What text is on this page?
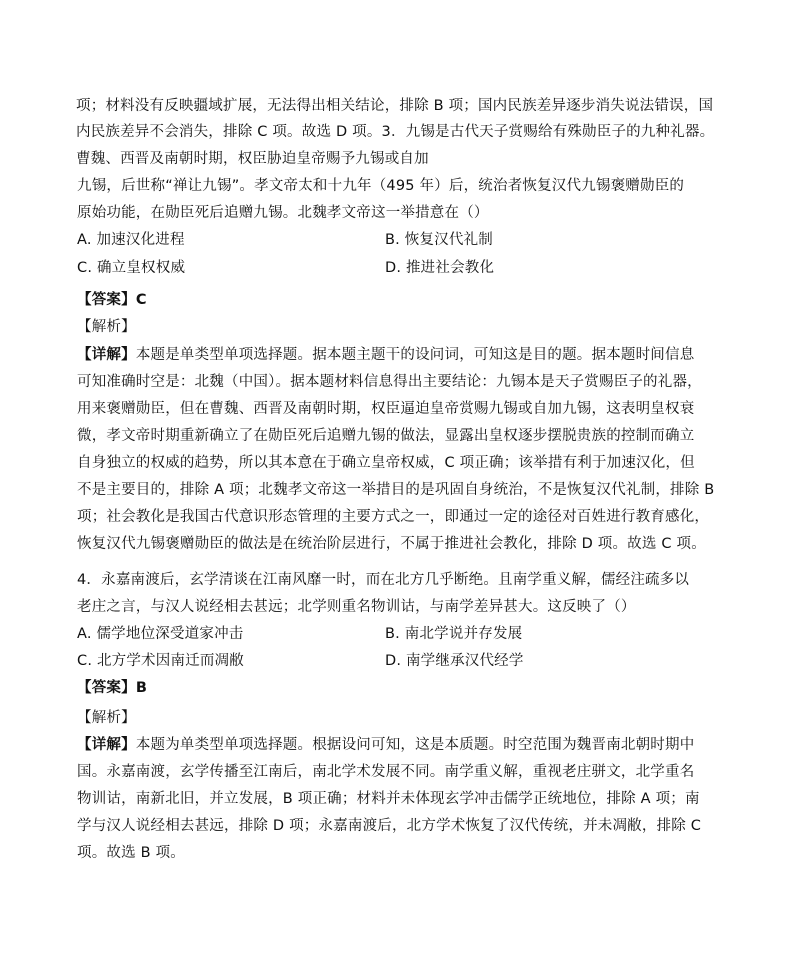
项；材料没有反映疆域扩展，无法得出相关结论，排除 B 项；国内民族差异逐步消失说法错误，国
内民族差异不会消失，排除 C 项。故选 D 项。3．九锡是古代天子赏赐给有殊勋臣子的九种礼器。
曹魏、西晋及南朝时期，权臣胁迫皇帝赐予九锡或自加
九锡，后世称“禅让九锡”。孝文帝太和十九年（495 年）后，统治者恢复汉代九锡褒赠勋臣的
原始功能，在勋臣死后追赠九锡。北魏孝文帝这一举措意在（）
A. 加速汉化进程	B. 恢复汉代礼制
C. 确立皇权权威	D. 推进社会教化
【答案】C
【解析】
【详解】本题是单类型单项选择题。据本题主题干的设问词，可知这是目的题。据本题时间信息
可知准确时空是：北魏（中国）。据本题材料信息得出主要结论：九锡本是天子赏赐臣子的礼器，
用来褒赠勋臣，但在曹魏、西晋及南朝时期，权臣逼迫皇帝赏赐九锡或自加九锡，这表明皇权衰
微，孝文帝时期重新确立了在勋臣死后追赠九锡的做法，显露出皇权逐步摆脱贵族的控制而确立
自身独立的权威的趋势，所以其本意在于确立皇帝权威，C 项正确；该举措有利于加速汉化，但
不是主要目的，排除 A 项；北魏孝文帝这一举措目的是巩固自身统治，不是恢复汉代礼制，排除 B
项；社会教化是我国古代意识形态管理的主要方式之一，即通过一定的途径对百姓进行教育感化，
恢复汉代九锡褒赠勋臣的做法是在统治阶层进行，不属于推进社会教化，排除 D 项。故选 C 项。
4．永嘉南渡后，玄学清谈在江南风靡一时，而在北方几乎断绝。且南学重义解，儒经注疏多以
老庄之言，与汉人说经相去甚远；北学则重名物训诂，与南学差异甚大。这反映了（）
A. 儒学地位深受道家冲击	B. 南北学说并存发展
C. 北方学术因南迁而凋敝	D. 南学继承汉代经学
【答案】B
【解析】
【详解】本题为单类型单项选择题。根据设问可知，这是本质题。时空范围为魏晋南北朝时期中
国。永嘉南渡，玄学传播至江南后，南北学术发展不同。南学重义解，重视老庄骈文，北学重名
物训诂，南新北旧，并立发展，B 项正确；材料并未体现玄学冲击儒学正统地位，排除 A 项；南
学与汉人说经相去甚远，排除 D 项；永嘉南渡后，北方学术恢复了汉代传统，并未凋敝，排除 C
项。故选 B 项。
